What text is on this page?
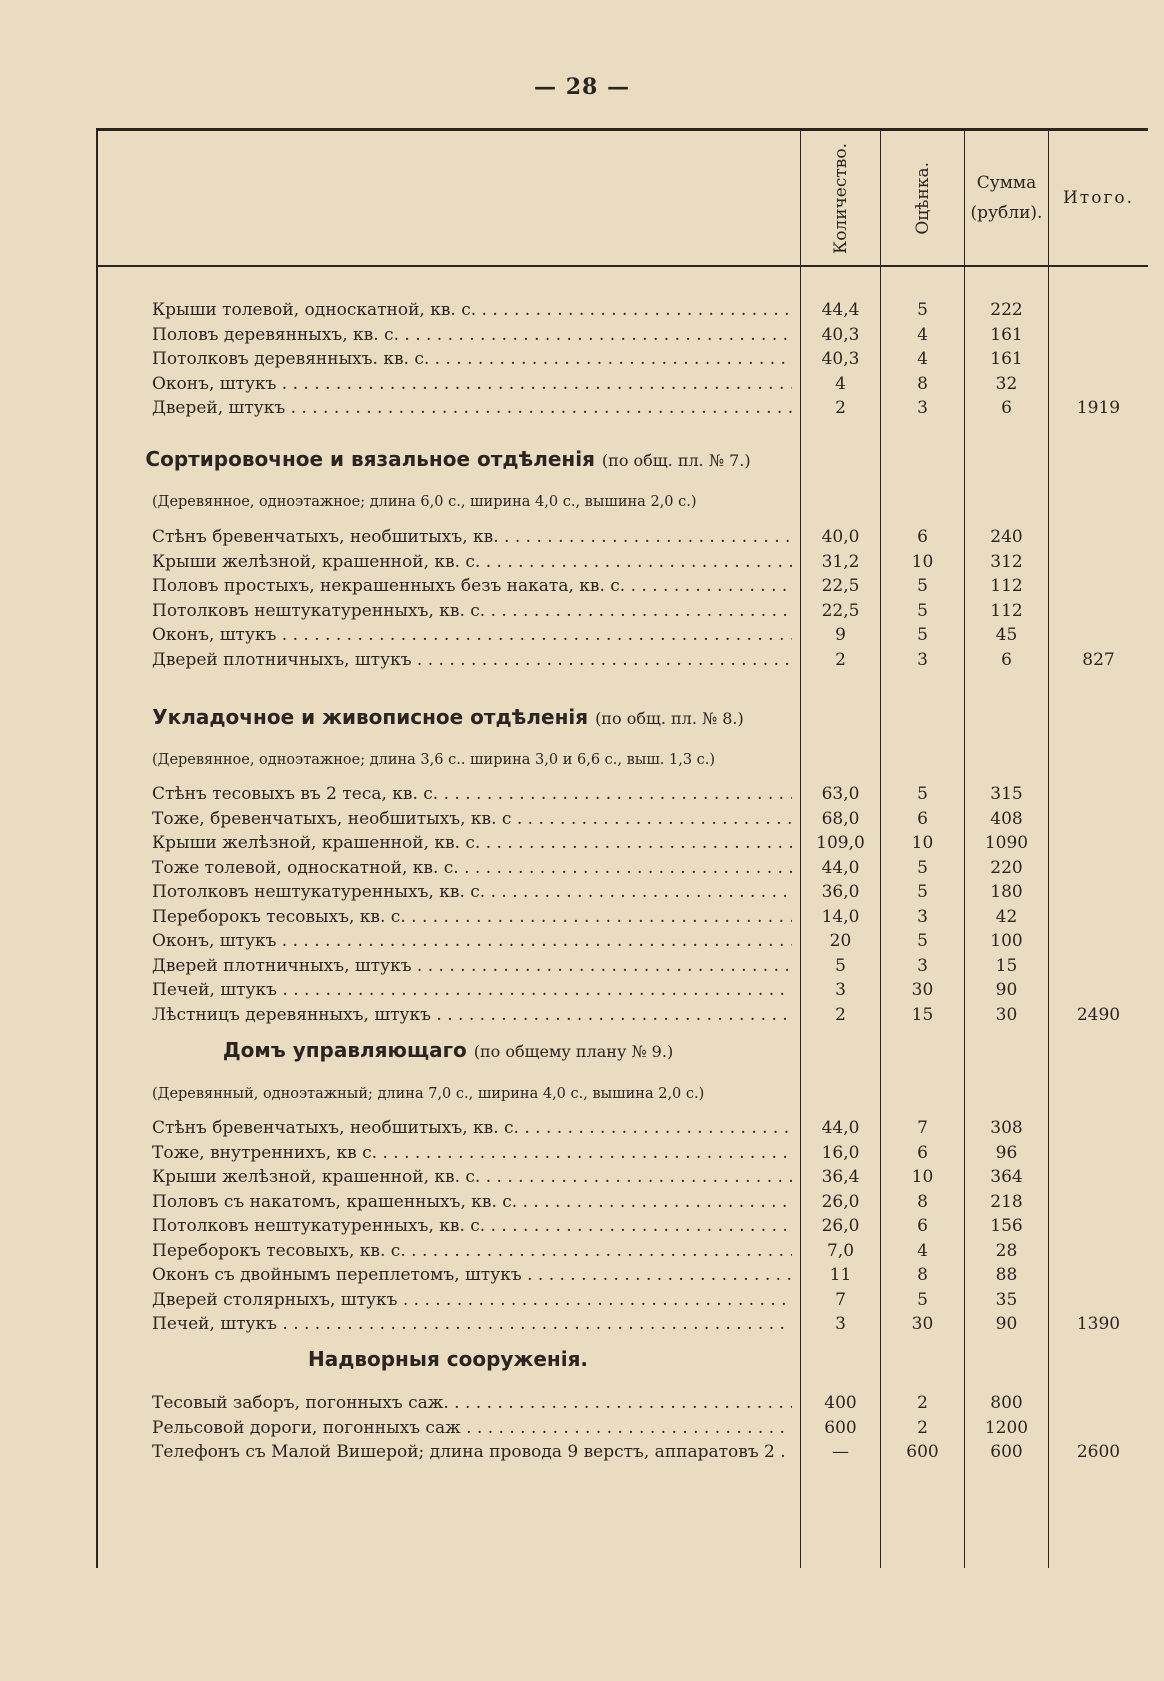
— 28 —
Количество.	Оцѣнка.	Сумма
(рубли).
Итого.
Крыши толевой, односкатной, кв. с. . . .	44,4	5	222
Половъ деревянныхъ, кв. с. . . .	40,3	4	161
Потолковъ деревянныхъ. кв. с. . . .	40,3	4	161
Оконъ, штукъ . . .	4	8	32
Дверей, штукъ . . .	2	3	6	1919
Сортировочное и вязальное отдѣленія (по общ. пл. № 7.)
(Деревянное, одноэтажное; длина 6,0 с., ширина 4,0 с., вышина 2,0 с.)
Стѣнъ бревенчатыхъ, необшитыхъ, кв. . . .	40,0	6	240
Крыши желѣзной, крашенной, кв. с. . . .	31,2	10	312
Половъ простыхъ, некрашенныхъ безъ наката, кв. с. . . .	22,5	5	112
Потолковъ нештукатуренныхъ, кв. с. . . .	22,5	5	112
Оконъ, штукъ . . .	9	5	45
Дверей плотничныхъ, штукъ . . .	2	3	6	827
Укладочное и живописное отдѣленія (по общ. пл. № 8.)
(Деревянное, одноэтажное; длина 3,6 с.. ширина 3,0 и 6,6 с., выш. 1,3 с.)
Стѣнъ тесовыхъ въ 2 теса, кв. с. . . .	63,0	5	315
Тоже, бревенчатыхъ, необшитыхъ, кв. с . . .	68,0	6	408
Крыши желѣзной, крашенной, кв. с. . . .	109,0	10	1090
Тоже толевой, односкатной, кв. с. . . .	44,0	5	220
Потолковъ нештукатуренныхъ, кв. с. . . .	36,0	5	180
Переборокъ тесовыхъ, кв. с. . . .	14,0	3	42
Оконъ, штукъ . . .	20	5	100
Дверей плотничныхъ, штукъ . . .	5	3	15
Печей, штукъ . . .	3	30	90
Лѣстницъ деревянныхъ, штукъ . . .	2	15	30	2490
Домъ управляющаго (по общему плану № 9.)
(Деревянный, одноэтажный; длина 7,0 с., ширина 4,0 с., вышина 2,0 с.)
Стѣнъ бревенчатыхъ, необшитыхъ, кв. с. . . .	44,0	7	308
Тоже, внутреннихъ, кв с. . . .	16,0	6	96
Крыши желѣзной, крашенной, кв. с. . . .	36,4	10	364
Половъ съ накатомъ, крашенныхъ, кв. с. . . .	26,0	8	218
Потолковъ нештукатуренныхъ, кв. с. . . .	26,0	6	156
Переборокъ тесовыхъ, кв. с. . . .	7,0	4	28
Оконъ съ двойнымъ переплетомъ, штукъ . . .	11	8	88
Дверей столярныхъ, штукъ . . .	7	5	35
Печей, штукъ . . .	3	30	90	1390
Надворныя сооруженія.
Тесовый заборъ, погонныхъ саж. . . .	400	2	800
Рельсовой дороги, погонныхъ саж . . .	600	2	1200
Телефонъ съ Малой Вишерой; длина провода 9 верстъ, аппаратовъ 2 . . .	—	600	600	2600
